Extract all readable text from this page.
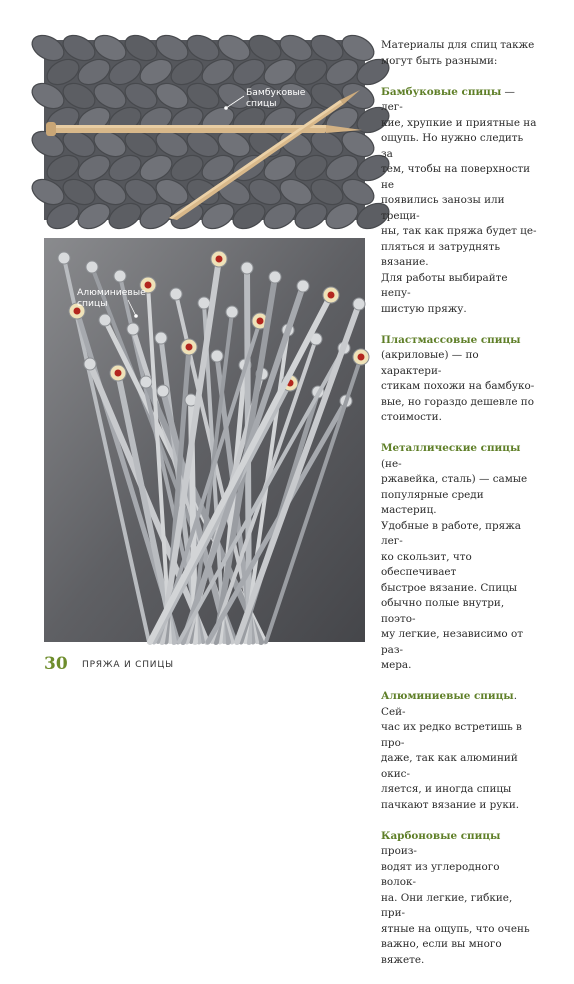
Бамбуковые
спицы
Алюминиевые
спицы

Материалы для спиц также
могут быть разными:

Бамбуковые спицы — лег-
кие, хрупкие и приятные на
ощупь. Но нужно следить за
тем, чтобы на поверхности не
появились занозы или трещи-
ны, так как пряжа будет це-
пляться и затруднять вязание.
Для работы выбирайте непу-
шистую пряжу.

Пластмассовые спицы
(акриловые) — по характери-
стикам похожи на бамбуко-
вые, но гораздо дешевле по
стоимости.

Металлические спицы (не-
ржавейка, сталь) — самые
популярные среди мастериц.
Удобные в работе, пряжа лег-
ко скользит, что обеспечивает
быстрое вязание. Спицы
обычно полые внутри, поэто-
му легкие, независимо от раз-
мера.

Алюминиевые спицы. Сей-
час их редко встретишь в про-
даже, так как алюминий окис-
ляется, и иногда спицы
пачкают вязание и руки.

Карбоновые спицы произ-
водят из углеродного волок-
на. Они легкие, гибкие, при-
ятные на ощупь, что очень
важно, если вы много вяжете.

30 ПРЯЖА И СПИЦЫ
